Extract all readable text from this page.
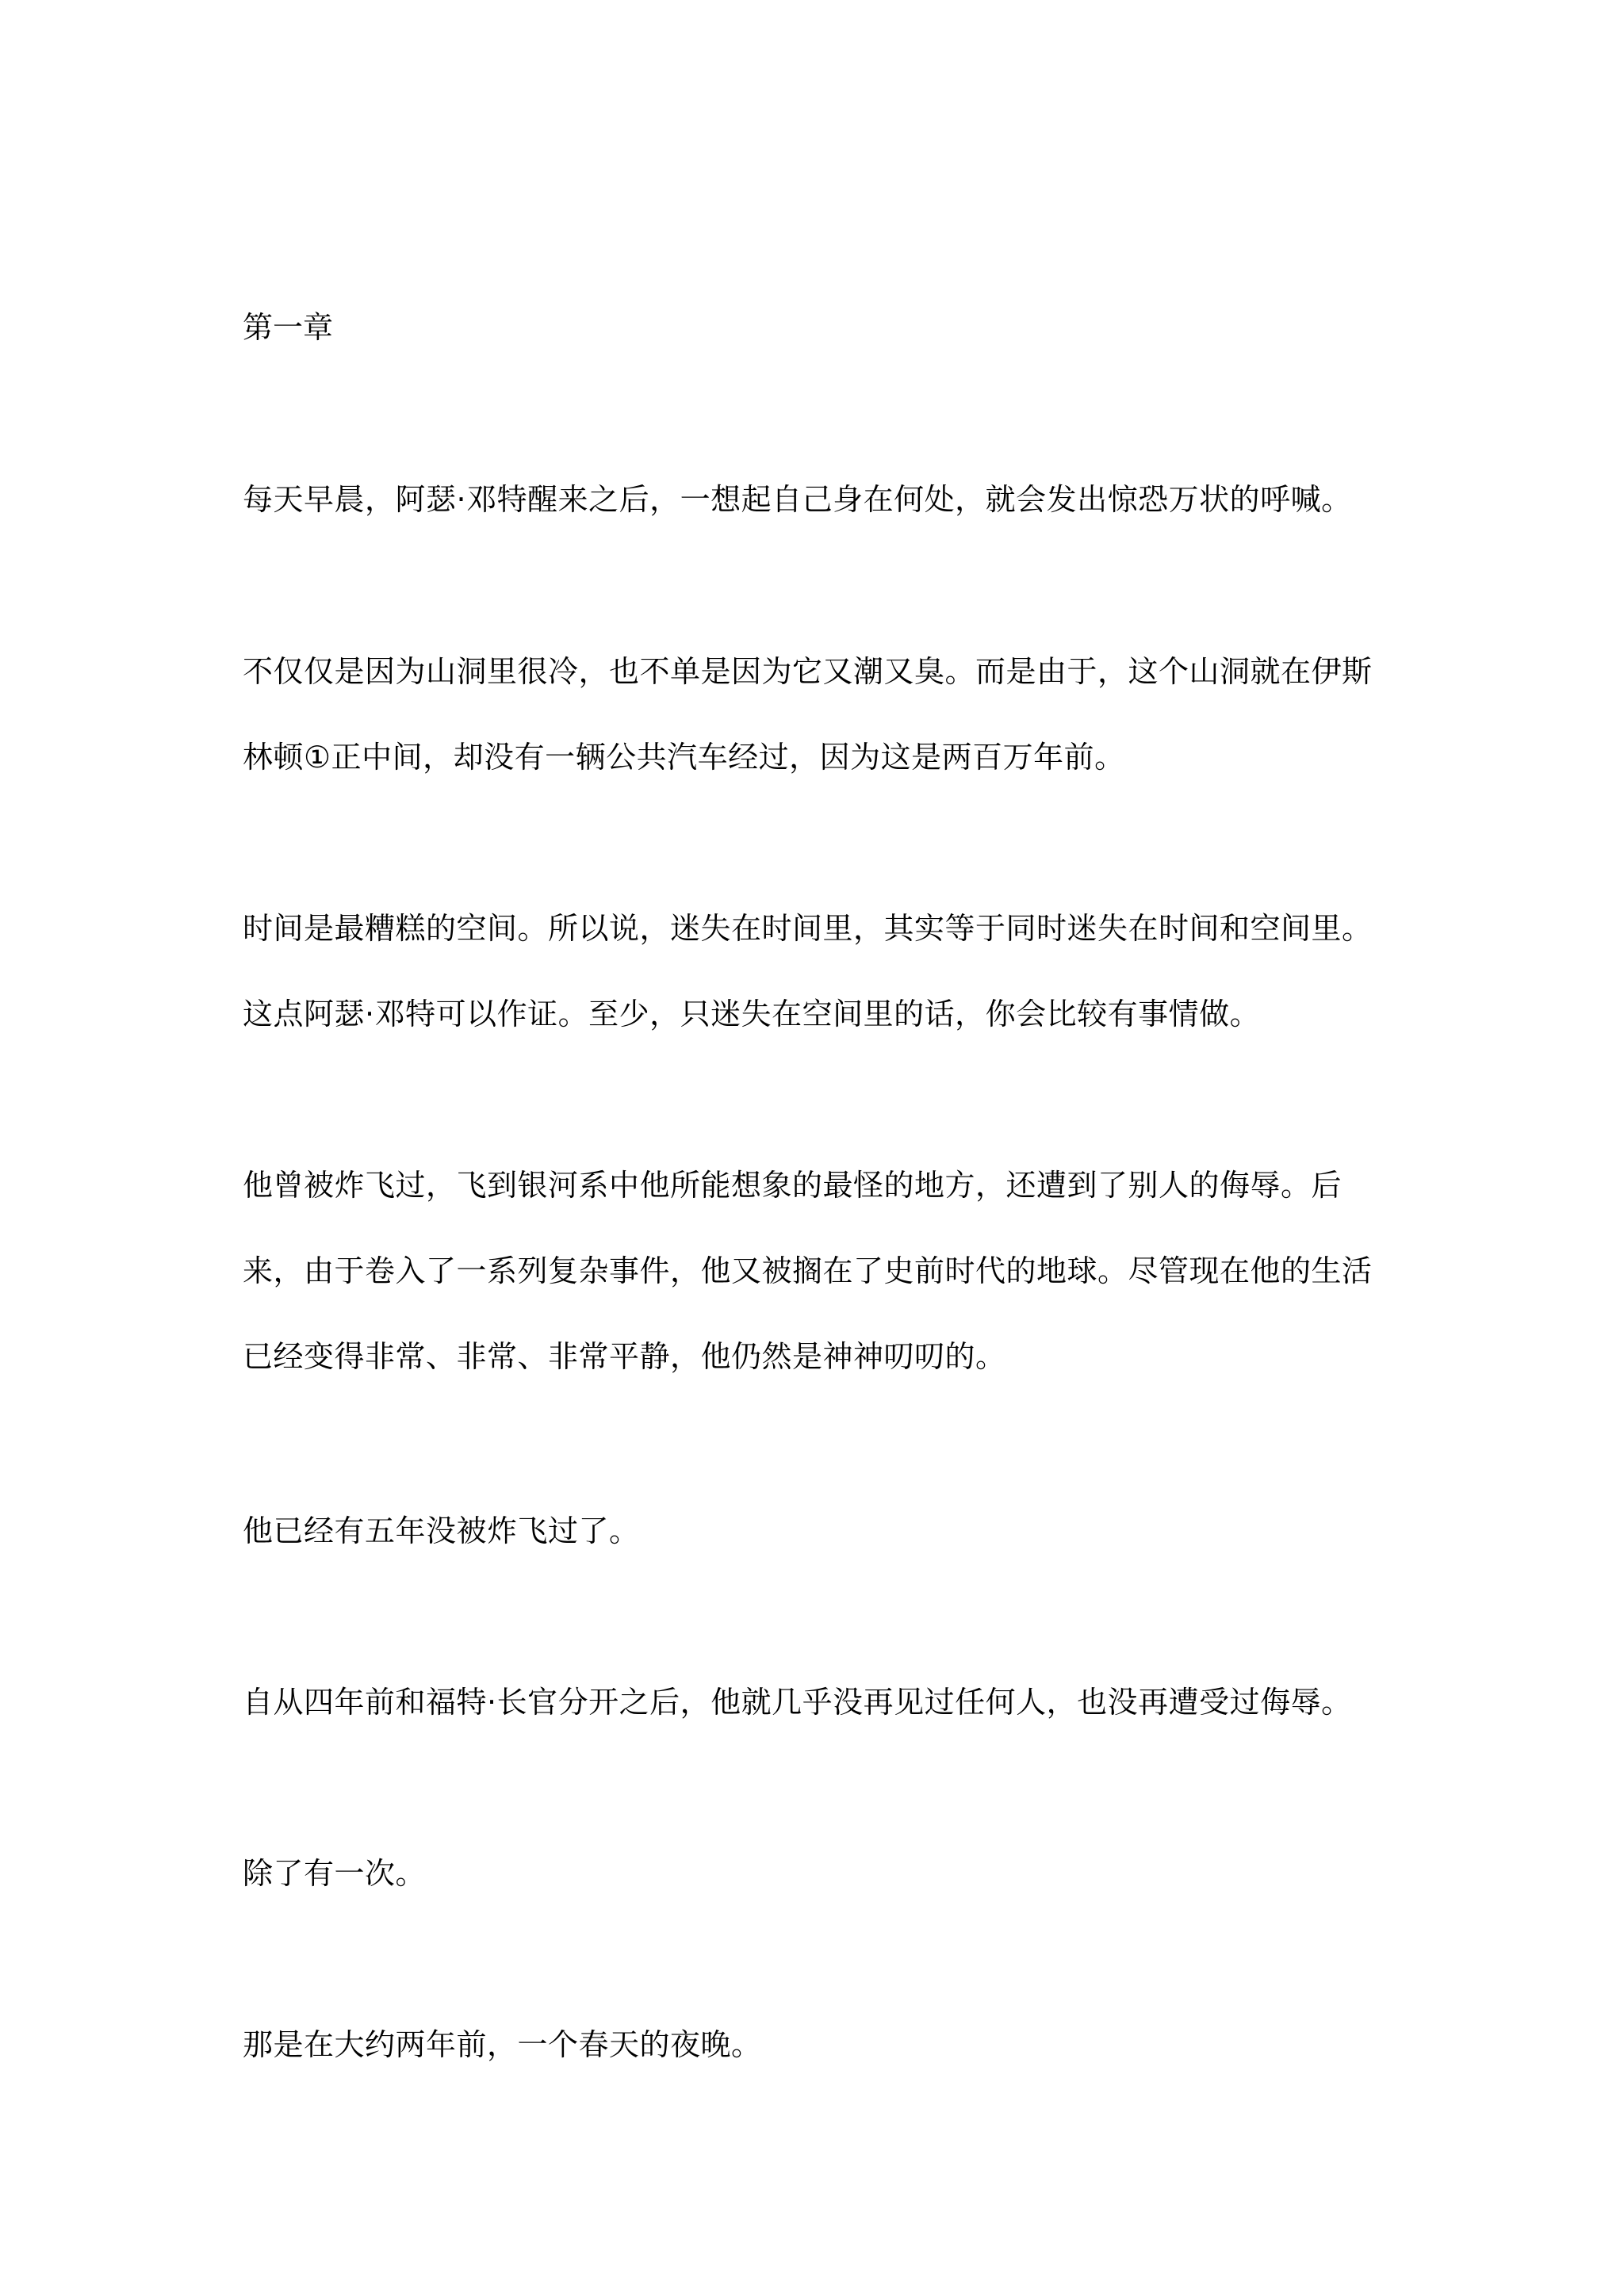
第一章

每天早晨，阿瑟·邓特醒来之后，一想起自己身在何处，就会发出惊恐万状的呼喊。

不仅仅是因为山洞里很冷，也不单是因为它又潮又臭。而是由于，这个山洞就在伊斯林顿①正中间，却没有一辆公共汽车经过，因为这是两百万年前。

时间是最糟糕的空间。所以说，迷失在时间里，其实等于同时迷失在时间和空间里。这点阿瑟·邓特可以作证。至少，只迷失在空间里的话，你会比较有事情做。

他曾被炸飞过，飞到银河系中他所能想象的最怪的地方，还遭到了别人的侮辱。后来，由于卷入了一系列复杂事件，他又被搁在了史前时代的地球。尽管现在他的生活已经变得非常、非常、非常平静，他仍然是神神叨叨的。

他已经有五年没被炸飞过了。

自从四年前和福特·长官分开之后，他就几乎没再见过任何人，也没再遭受过侮辱。

除了有一次。

那是在大约两年前，一个春天的夜晚。
